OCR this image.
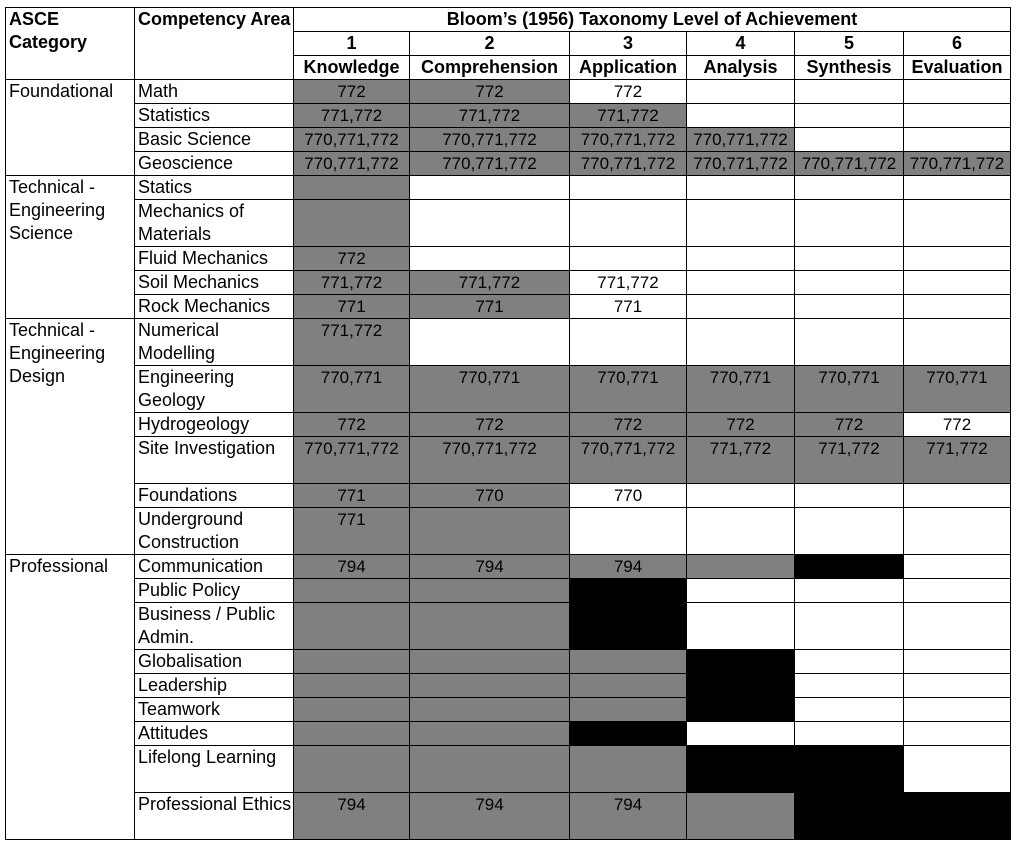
ASCE Category	Competency Area	Bloom’s (1956) Taxonomy Level of Achievement					
		1	2	3	4	5	6
		Knowledge	Comprehension	Application	Analysis	Synthesis	Evaluation
Foundational	Math	772	772	772			
	Statistics	771,772	771,772	771,772			
	Basic Science	770,771,772	770,771,772	770,771,772	770,771,772		
	Geoscience	770,771,772	770,771,772	770,771,772	770,771,772	770,771,772	770,771,772
Technical - Engineering Science	Statics						
	Mechanics of Materials						
	Fluid Mechanics	772					
	Soil Mechanics	771,772	771,772	771,772			
	Rock Mechanics	771	771	771			
Technical - Engineering Design	Numerical Modelling	771,772					
	Engineering Geology	770,771	770,771	770,771	770,771	770,771	770,771
	Hydrogeology	772	772	772	772	772	772
	Site Investigation	770,771,772	770,771,772	770,771,772	771,772	771,772	771,772
	Foundations	771	770	770			
	Underground Construction	771					
Professional	Communication	794	794	794			
	Public Policy						
	Business / Public Admin.						
	Globalisation						
	Leadership						
	Teamwork						
	Attitudes						
	Lifelong Learning						
	Professional Ethics	794	794	794			
